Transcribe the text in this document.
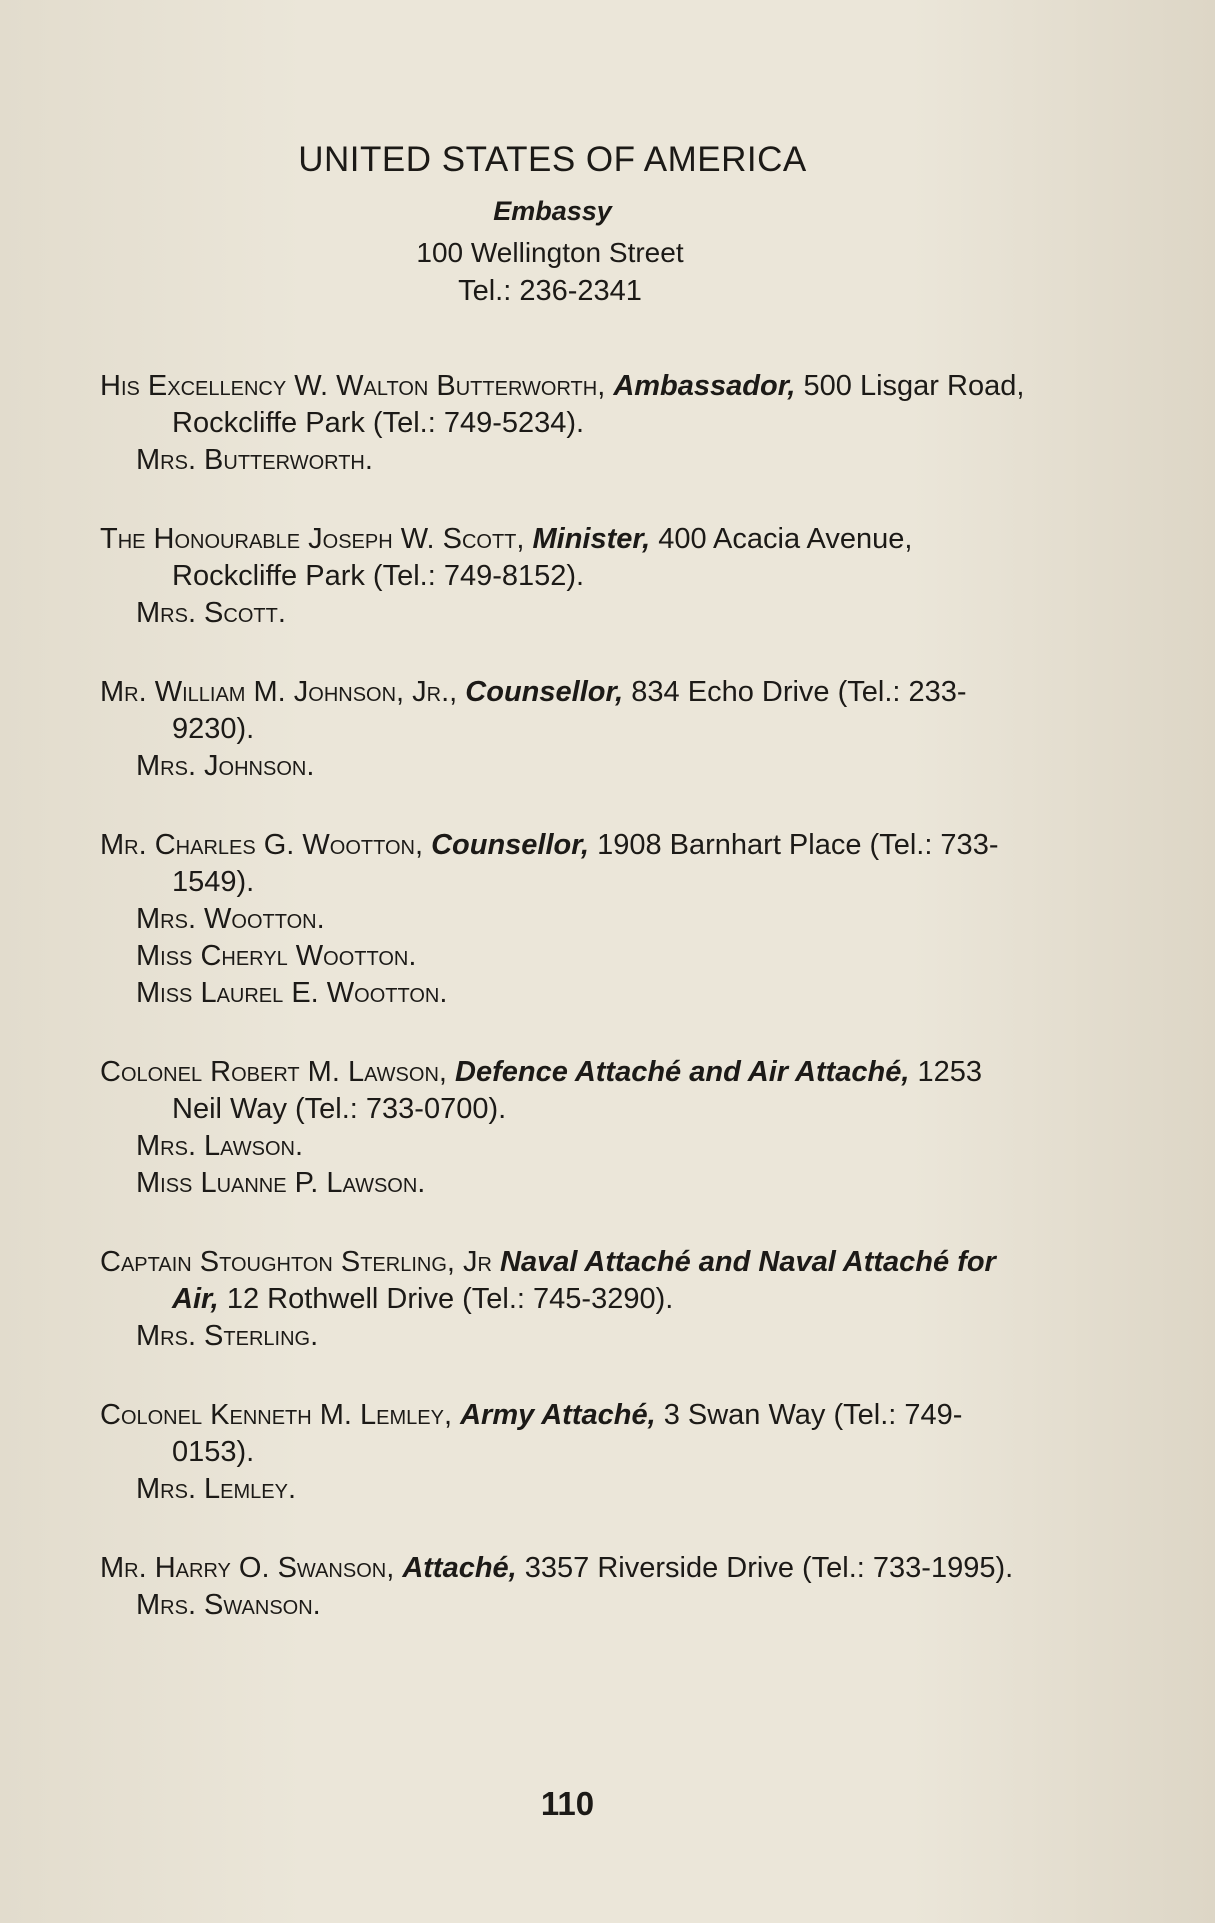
UNITED STATES OF AMERICA
Embassy
100 Wellington Street
Tel.: 236-2341
His Excellency W. Walton Butterworth, Ambassador, 500 Lisgar Road, Rockcliffe Park (Tel.: 749-5234).
Mrs. Butterworth.
The Honourable Joseph W. Scott, Minister, 400 Acacia Avenue, Rockcliffe Park (Tel.: 749-8152).
Mrs. Scott.
Mr. William M. Johnson, Jr., Counsellor, 834 Echo Drive (Tel.: 233-9230).
Mrs. Johnson.
Mr. Charles G. Wootton, Counsellor, 1908 Barnhart Place (Tel.: 733-1549).
Mrs. Wootton.
Miss Cheryl Wootton.
Miss Laurel E. Wootton.
Colonel Robert M. Lawson, Defence Attaché and Air Attaché, 1253 Neil Way (Tel.: 733-0700).
Mrs. Lawson.
Miss Luanne P. Lawson.
Captain Stoughton Sterling, Jr Naval Attaché and Naval Attaché for Air, 12 Rothwell Drive (Tel.: 745-3290).
Mrs. Sterling.
Colonel Kenneth M. Lemley, Army Attaché, 3 Swan Way (Tel.: 749-0153).
Mrs. Lemley.
Mr. Harry O. Swanson, Attaché, 3357 Riverside Drive (Tel.: 733-1995).
Mrs. Swanson.
110
